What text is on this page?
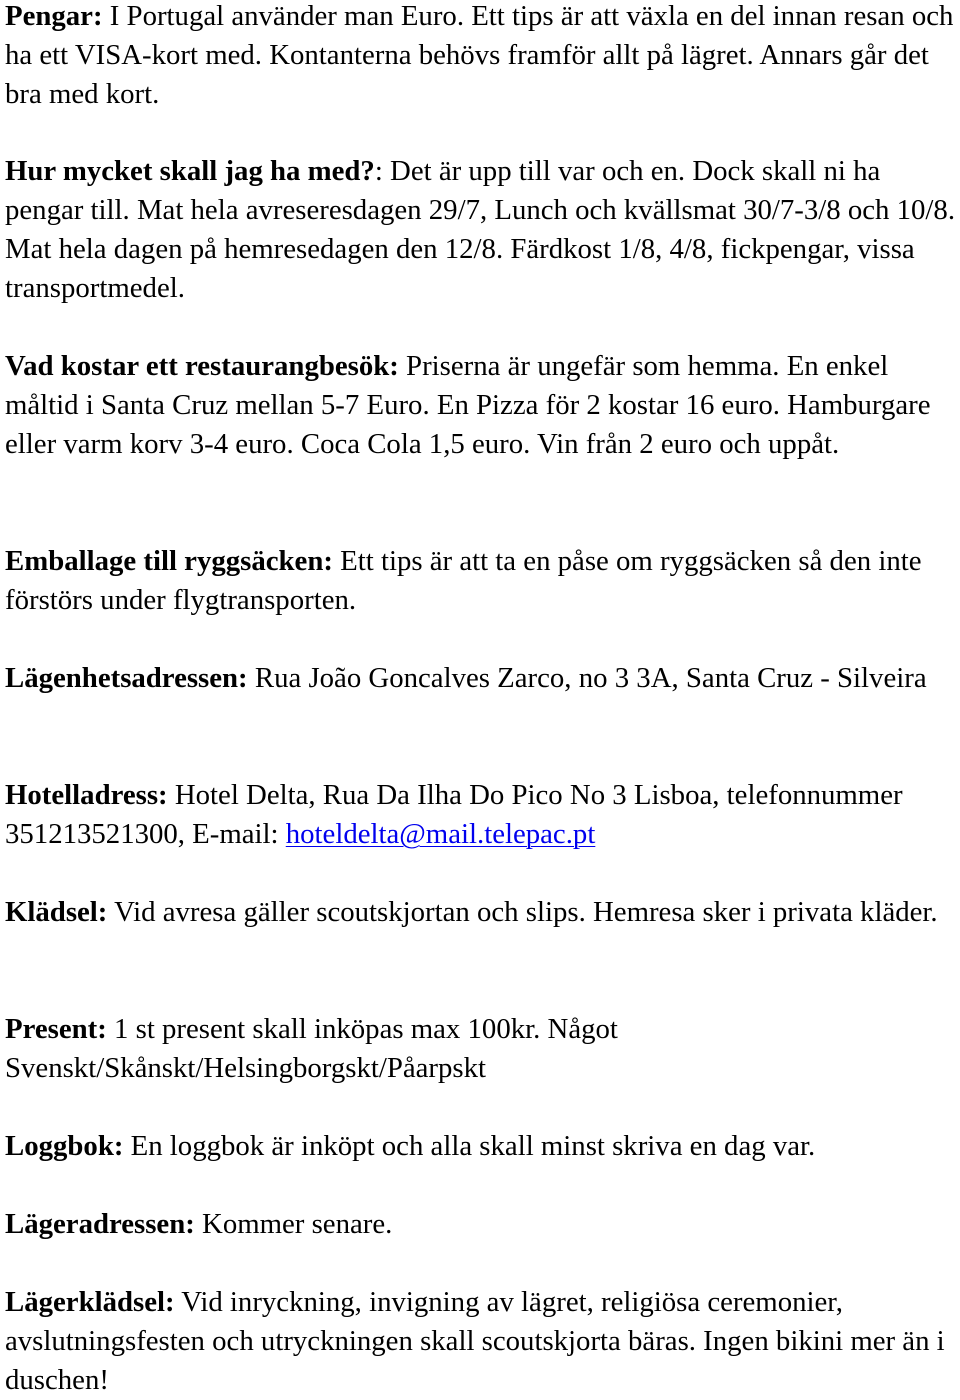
Pengar: I Portugal använder man Euro. Ett tips är att växla en del innan resan och ha ett VISA-kort med. Kontanterna behövs framför allt på lägret. Annars går det bra med kort.

Hur mycket skall jag ha med?: Det är upp till var och en. Dock skall ni ha pengar till. Mat hela avreseresdagen 29/7, Lunch och kvällsmat 30/7-3/8 och 10/8. Mat hela dagen på hemresedagen den 12/8. Färdkost 1/8, 4/8, fickpengar, vissa transportmedel.

Vad kostar ett restaurangbesök: Priserna är ungefär som hemma. En enkel måltid i Santa Cruz mellan 5-7 Euro. En Pizza för 2 kostar 16 euro. Hamburgare eller varm korv 3-4 euro. Coca Cola 1,5 euro. Vin från 2 euro och uppåt.

Emballage till ryggsäcken: Ett tips är att ta en påse om ryggsäcken så den inte förstörs under flygtransporten.

Lägenhetsadressen: Rua João Goncalves Zarco, no 3 3A, Santa Cruz - Silveira

Hotelladress: Hotel Delta, Rua Da Ilha Do Pico No 3 Lisboa, telefonnummer 351213521300, E-mail: hoteldelta@mail.telepac.pt

Klädsel: Vid avresa gäller scoutskjortan och slips. Hemresa sker i privata kläder.

Present: 1 st present skall inköpas max 100kr. Något Svenskt/Skånskt/Helsingborgskt/Påarpskt

Loggbok: En loggbok är inköpt och alla skall minst skriva en dag var.

Lägeradressen: Kommer senare.

Lägerklädsel: Vid inryckning, invigning av lägret, religiösa ceremonier, avslutningsfesten och utryckningen skall scoutskjorta bäras. Ingen bikini mer än i duschen!
